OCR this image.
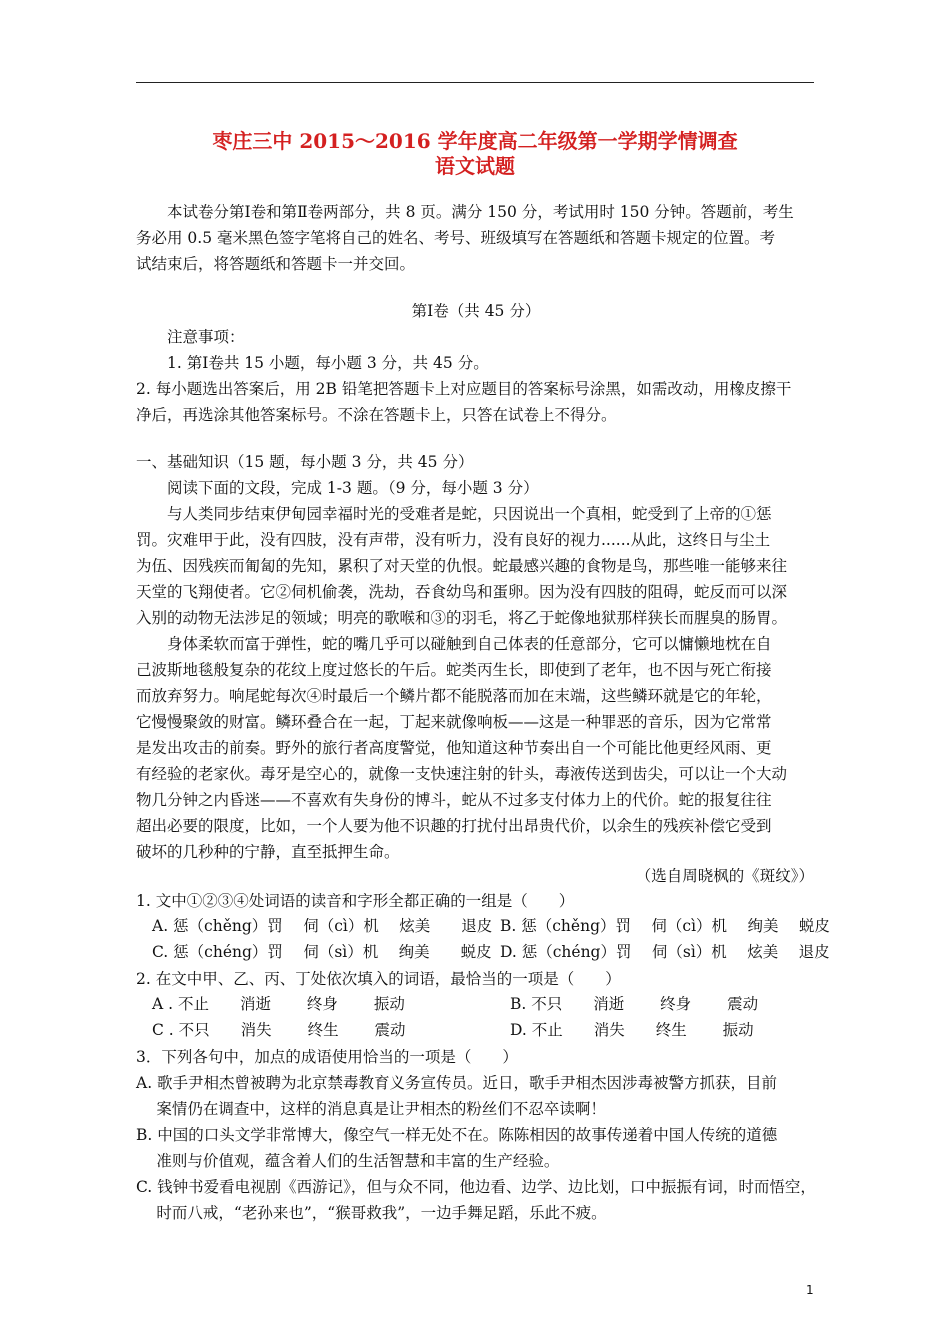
枣庄三中 2015～2016 学年度高二年级第一学期学情调查
语文试题
　　本试卷分第Ⅰ卷和第Ⅱ卷两部分，共 8 页。满分 150 分，考试用时 150 分钟。答题前，考生
务必用 0.5 毫米黑色签字笔将自己的姓名、考号、班级填写在答题纸和答题卡规定的位置。考
试结束后，将答题纸和答题卡一并交回。
第Ⅰ卷（共 45 分）
　　注意事项：
　　1. 第Ⅰ卷共 15 小题，每小题 3 分，共 45 分。
2. 每小题选出答案后，用 2B 铅笔把答题卡上对应题目的答案标号涂黑，如需改动，用橡皮擦干
净后，再选涂其他答案标号。不涂在答题卡上，只答在试卷上不得分。
一、基础知识（15 题，每小题 3 分，共 45 分）
　　阅读下面的文段，完成 1-3 题。（9 分，每小题 3 分）
　　与人类同步结束伊甸园幸福时光的受难者是蛇，只因说出一个真相，蛇受到了上帝的①惩
罚。灾难甲于此，没有四肢，没有声带，没有听力，没有良好的视力......从此，这终日与尘土
为伍、因残疾而匍匐的先知，累积了对天堂的仇恨。蛇最感兴趣的食物是鸟，那些唯一能够来往
天堂的飞翔使者。它②伺机偷袭，洗劫，吞食幼鸟和蛋卵。因为没有四肢的阻碍，蛇反而可以深
入别的动物无法涉足的领域；明亮的歌喉和③的羽毛，将乙于蛇像地狱那样狭长而腥臭的肠胃。
　　身体柔软而富于弹性，蛇的嘴几乎可以碰触到自己体表的任意部分，它可以慵懒地枕在自
己波斯地毯般复杂的花纹上度过悠长的午后。蛇类丙生长，即使到了老年，也不因与死亡衔接
而放弃努力。响尾蛇每次④时最后一个鳞片都不能脱落而加在末端，这些鳞环就是它的年轮，
它慢慢聚敛的财富。鳞环叠合在一起，丁起来就像响板——这是一种罪恶的音乐，因为它常常
是发出攻击的前奏。野外的旅行者高度警觉，他知道这种节奏出自一个可能比他更经风雨、更
有经验的老家伙。毒牙是空心的，就像一支快速注射的针头，毒液传送到齿尖，可以让一个大动
物几分钟之内昏迷——不喜欢有失身份的博斗，蛇从不过多支付体力上的代价。蛇的报复往往
超出必要的限度，比如，一个人要为他不识趣的打扰付出昂贵代价，以余生的残疾补偿它受到
破坏的几秒种的宁静，直至抵押生命。
（选自周晓枫的《斑纹》）
1. 文中①②③④处词语的读音和字形全都正确的一组是（　　）
A. 惩（chěng）罚　 伺（cì）机　 炫美　　退皮 B. 惩（chěng）罚　 伺（cì）机　 绚美　 蜕皮
C. 惩（chéng）罚　 伺（sì）机　 绚美　　蜕皮 D. 惩（chéng）罚　 伺（sì）机　 炫美　 退皮
2. 在文中甲、乙、丙、丁处依次填入的词语，最恰当的一项是（　　）
A . 不止　　消逝　　 终身　　 振动	B. 不只　　消逝　　 终身　　 震动
C . 不只　　消失　　 终生　　 震动	D. 不止　　消失　　终生　　 振动
3．下列各句中，加点的成语使用恰当的一项是（　　）
A. 歌手尹相杰曾被聘为北京禁毒教育义务宣传员。近日，歌手尹相杰因涉毒被警方抓获，目前
　 案情仍在调查中，这样的消息真是让尹相杰的粉丝们不忍卒读啊！
B. 中国的口头文学非常博大，像空气一样无处不在。陈陈相因的故事传递着中国人传统的道德
　 准则与价值观，蕴含着人们的生活智慧和丰富的生产经验。
C. 钱钟书爱看电视剧《西游记》，但与众不同，他边看、边学、边比划，口中振振有词，时而悟空，
　 时而八戒，“老孙来也”，“猴哥救我”，一边手舞足蹈，乐此不疲。
1
